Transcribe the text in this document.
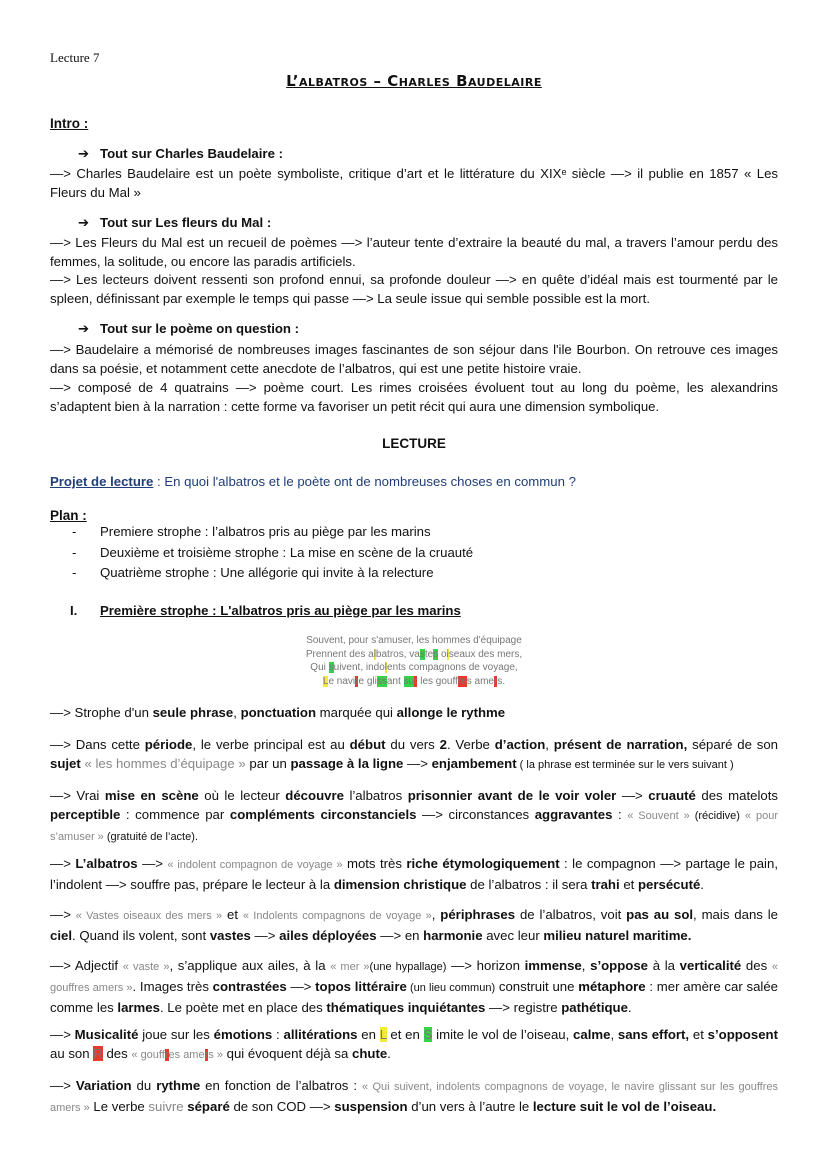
Lecture 7
L’albatros – Charles Baudelaire
Intro :
➔ Tout sur Charles Baudelaire :
—> Charles Baudelaire est un poète symboliste, critique d’art et le littérature du XIXᵉ siècle —> il publie en 1857 « Les Fleurs du Mal »
➔ Tout sur Les fleurs du Mal :
—> Les Fleurs du Mal est un recueil de poèmes —> l’auteur tente d’extraire la beauté du mal, a travers l’amour perdu des femmes, la solitude, ou encore las paradis artificiels.
—> Les lecteurs doivent ressenti son profond ennui, sa profonde douleur —> en quête d’idéal mais est tourmenté par le spleen, définissant par exemple le temps qui passe —> La seule issue qui semble possible est la mort.
➔ Tout sur le poème on question :
—> Baudelaire a mémorisé de nombreuses images fascinantes de son séjour dans l'ile Bourbon. On retrouve ces images dans sa poésie, et notamment cette anecdote de l’albatros, qui est une petite histoire vraie.
—> composé de 4 quatrains —> poème court. Les rimes croisées évoluent tout au long du poème, les alexandrins s’adaptent bien à la narration : cette forme va favoriser un petit récit qui aura une dimension symbolique.
LECTURE
Projet de lecture : En quoi l'albatros et le poète ont de nombreuses choses en commun ?
Plan :
- Premiere strophe : l’albatros pris au piège par les marins
- Deuxième et troisième strophe : La mise en scène de la cruauté
- Quatrième strophe : Une allégorie qui invite à la relecture
I. Première strophe : L'albatros pris au piège par les marins
Souvent, pour s'amuser, les hommes d'équipage
Prennent des albatros, vastes oiseaux des mers,
Qui suivent, indolents compagnons de voyage,
Le navire glissant sur les gouffres amers.
—> Strophe d'un seule phrase, ponctuation marquée qui allonge le rythme
—> Dans cette période, le verbe principal est au début du vers 2. Verbe d’action, présent de narration, séparé de son sujet « les hommes d’équipage » par un passage à la ligne —> enjambement ( la phrase est terminée sur le vers suivant )
—> Vrai mise en scène où le lecteur découvre l’albatros prisonnier avant de le voir voler —> cruauté des matelots perceptible : commence par compléments circonstanciels —> circonstances aggravantes : « Souvent » (récidive) « pour s’amuser » (gratuité de l’acte).
—> L’albatros —> « indolent compagnon de voyage » mots très riche étymologiquement : le compagnon —> partage le pain, l’indolent —> souffre pas, prépare le lecteur à la dimension christique de l’albatros : il sera trahi et persécuté.
—> « Vastes oiseaux des mers » et « Indolents compagnons de voyage », périphrases de l’albatros, voit pas au sol, mais dans le ciel. Quand ils volent, sont vastes —> ailes déployées —> en harmonie avec leur milieu naturel maritime.
—> Adjectif « vaste », s’applique aux ailes, à la « mer »(une hypallage) —> horizon immense, s’oppose à la verticalité des « gouffres amers ». Images très contrastées —> topos littéraire (un lieu commun) construit une métaphore : mer amère car salée comme les larmes. Le poète met en place des thématiques inquiétantes —> registre pathétique.
—> Musicalité joue sur les émotions : allitérations en L et en S imite le vol de l’oiseau, calme, sans effort, et s’opposent au son R des « gouffres amers » qui évoquent déjà sa chute.
—> Variation du rythme en fonction de l’albatros : « Qui suivent, indolents compagnons de voyage, le navire glissant sur les gouffres amers » Le verbe suivre séparé de son COD —> suspension d’un vers à l’autre le lecture suit le vol de l’oiseau.
